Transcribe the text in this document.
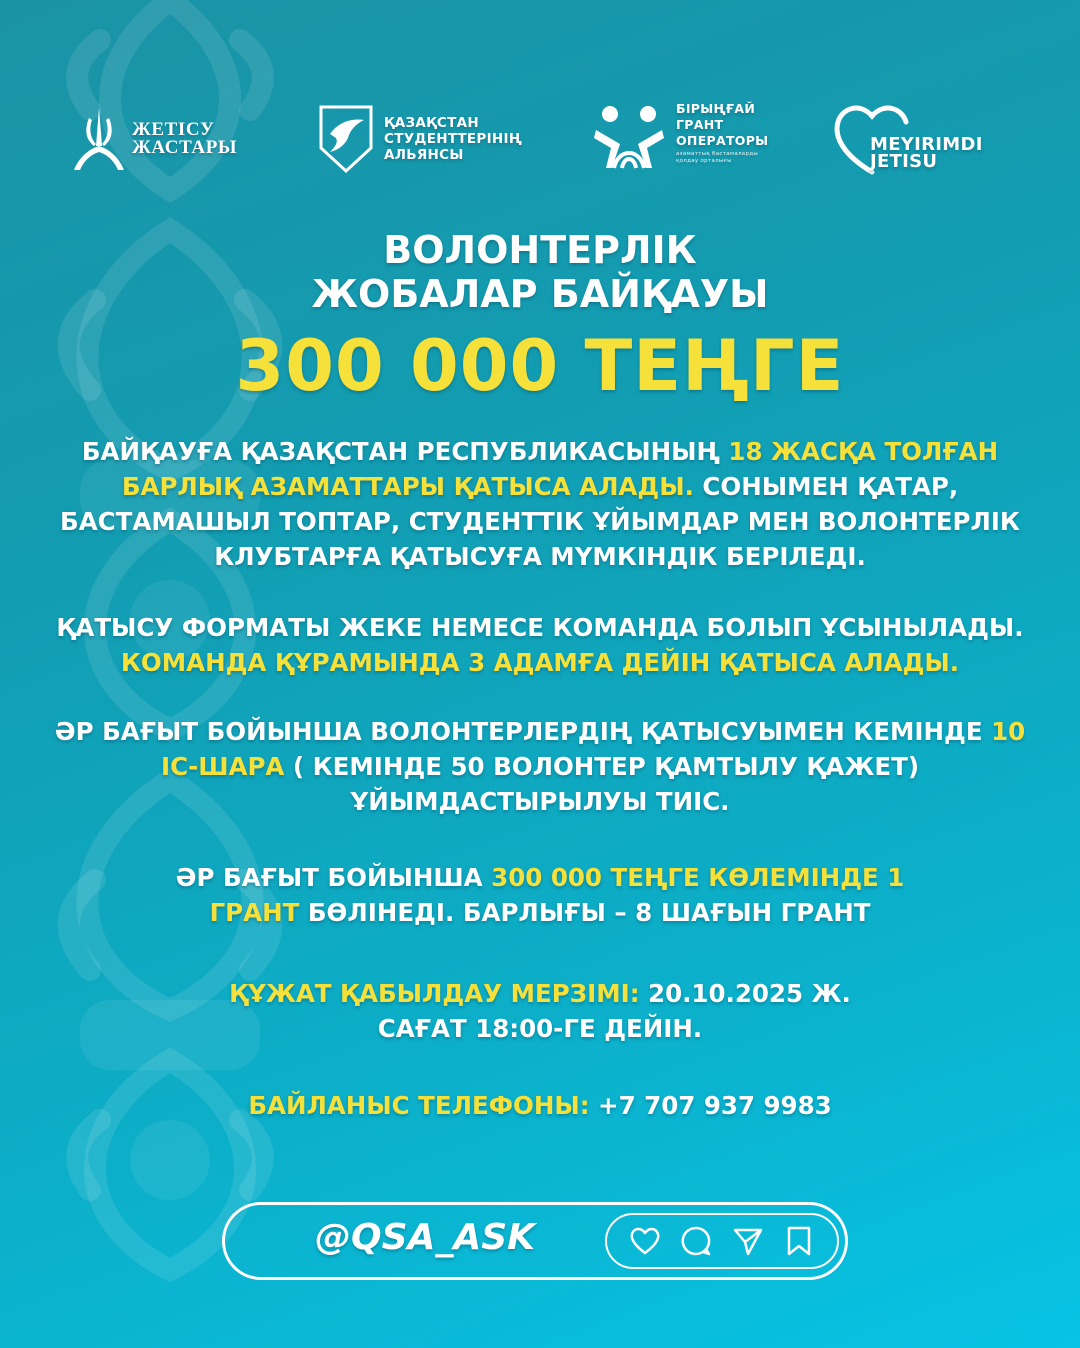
ЖЕТІСУ
ЖАСТАРЫ
ҚАЗАҚСТАН
СТУДЕНТТЕРІНІҢ
АЛЬЯНСЫ
БІРЫҢҒАЙ
ГРАНТ
ОПЕРАТОРЫ
азаматтық бастамаларды
қолдау орталығы
MEYIRIMDI
JETISU
ВОЛОНТЕРЛІК
ЖОБАЛАР БАЙҚАУЫ
300 000 ТЕҢГЕ
БАЙҚАУҒА ҚАЗАҚСТАН РЕСПУБЛИКАСЫНЫҢ 18 ЖАСҚА ТОЛҒАН
БАРЛЫҚ АЗАМАТТАРЫ ҚАТЫСА АЛАДЫ. СОНЫМЕН ҚАТАР,
БАСТАМАШЫЛ ТОПТАР, СТУДЕНТТІК ҰЙЫМДАР МЕН ВОЛОНТЕРЛІК
КЛУБТАРҒА ҚАТЫСУҒА МҮМКІНДІК БЕРІЛЕДІ.
ҚАТЫСУ ФОРМАТЫ ЖЕКЕ НЕМЕСЕ КОМАНДА БОЛЫП ҰСЫНЫЛАДЫ.
КОМАНДА ҚҰРАМЫНДА 3 АДАМҒА ДЕЙІН ҚАТЫСА АЛАДЫ.
ӘР БАҒЫТ БОЙЫНША ВОЛОНТЕРЛЕРДІҢ ҚАТЫСУЫМЕН КЕМІНДЕ 10
ІС-ШАРА ( КЕМІНДЕ 50 ВОЛОНТЕР ҚАМТЫЛУ ҚАЖЕТ)
ҰЙЫМДАСТЫРЫЛУЫ ТИІС.
ӘР БАҒЫТ БОЙЫНША 300 000 ТЕҢГЕ КӨЛЕМІНДЕ 1
ГРАНТ БӨЛІНЕДІ. БАРЛЫҒЫ – 8 ШАҒЫН ГРАНТ
ҚҰЖАТ ҚАБЫЛДАУ МЕРЗІМІ: 20.10.2025 Ж.
САҒАТ 18:00-ГЕ ДЕЙІН.
БАЙЛАНЫС ТЕЛЕФОНЫ: +7 707 937 9983
@QSA_ASK
